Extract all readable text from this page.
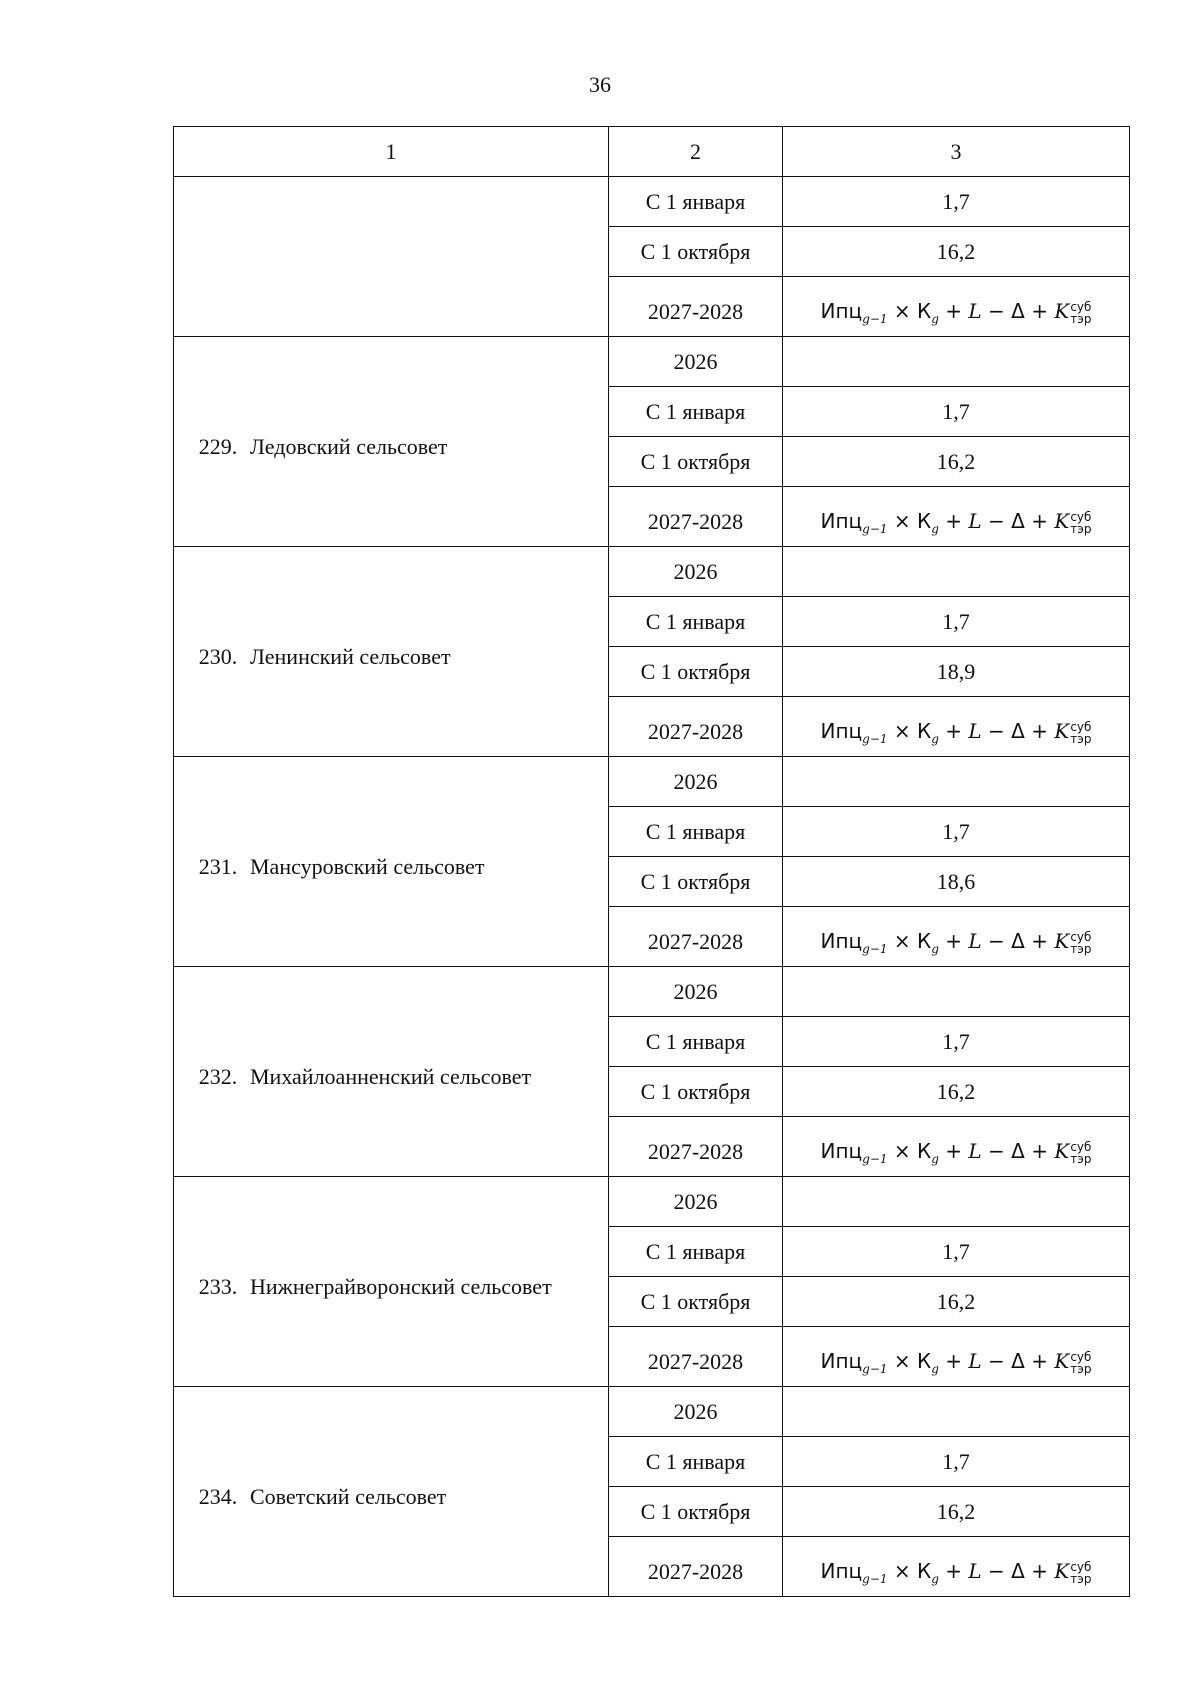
36
1	2	3
	С 1 января	1,7
	С 1 октября	16,2

	2027-2028	$Ипц_{g-1} \times К_g + L - \Delta + K$ суб
тэр

229. Ледовский сельсовет	2026	
	С 1 января	1,7
	С 1 октября	16,2

	2027-2028	$Ипц_{g-1} \times К_g + L - \Delta + K$ суб
тэр

230. Ленинский сельсовет	2026	
	С 1 января	1,7
	С 1 октября	18,9

	2027-2028	$Ипц_{g-1} \times К_g + L - \Delta + K$ суб
тэр

231. Мансуровский сельсовет	2026	
	С 1 января	1,7
	С 1 октября	18,6

	2027-2028	$Ипц_{g-1} \times К_g + L - \Delta + K$ суб
тэр

232. Михайлоанненский сельсовет	2026	
	С 1 января	1,7
	С 1 октября	16,2

	2027-2028	$Ипц_{g-1} \times К_g + L - \Delta + K$ суб
тэр

233. Нижнеграйворонский сельсовет	2026	
	С 1 января	1,7
	С 1 октября	16,2

	2027-2028	$Ипц_{g-1} \times К_g + L - \Delta + K$ суб
тэр

234. Советский сельсовет	2026	
	С 1 января	1,7
	С 1 октября	16,2

	2027-2028	$Ипц_{g-1} \times К_g + L - \Delta + K$ суб
тэр
